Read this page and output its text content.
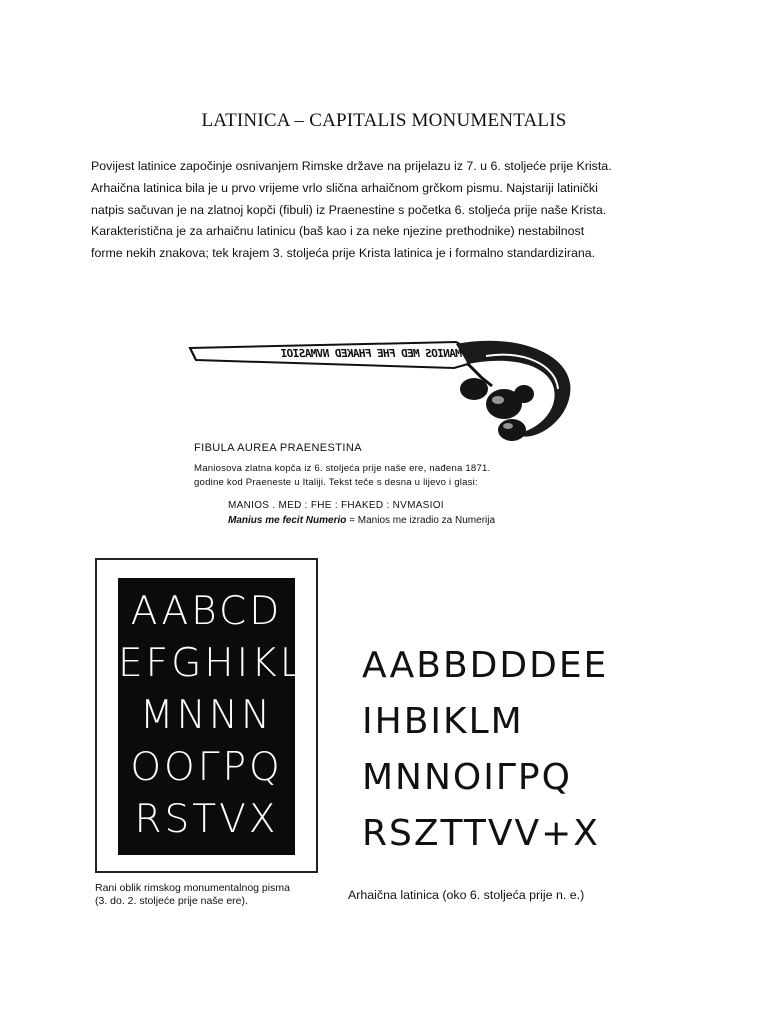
LATINICA – CAPITALIS MONUMENTALIS

Povijest latinice započinje osnivanjem Rimske države na prijelazu iz 7. u 6. stoljeće prije Krista.

Arhaična latinica bila je u prvo vrijeme vrlo slična arhaičnom grčkom pismu. Najstariji latinički

natpis sačuvan je na zlatnoj kopči (fibuli) iz Praenestine s početka 6. stoljeća prije naše Krista.

Karakteristična je za arhaičnu latinicu (baš kao i za neke njezine prethodnike) nestabilnost

forme nekih znakova; tek krajem 3. stoljeća prije Krista latinica je i formalno standardizirana.

MANIOS MED FHE FHAKED NVMASIOI
FIBULA AUREA PRAENESTINA
Maniosova zlatna kopča iz 6. stoljeća prije naše ere, nađena 1871.
godine kod Praeneste u Italiji. Tekst teče s desna u lijevo i glasi:
MANIOS . MED : FHE : FHAKED : NVMASIOI
Manius me fecit Numerio = Manios me izradio za Numerija
AABCD
EFGHIKL
MNNN
OOΓPQ
RSTVX
Rani oblik rimskog monumentalnog pisma
(3. do. 2. stoljeće prije naše ere).
AABBDDDEE
IHBIKLM
MNNOIΓPQ
RSZTTVV+X
Arhaična latinica (oko 6. stoljeća prije n. e.)
